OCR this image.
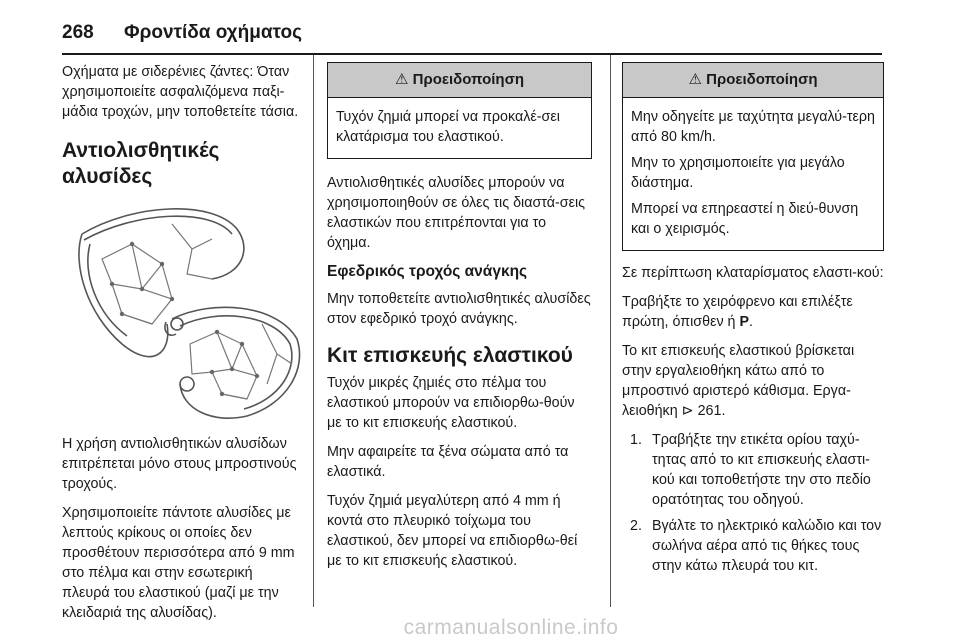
268 Φροντίδα οχήματος

Οχήματα με σιδερένιες ζάντες: Όταν χρησιμοποιείτε ασφαλιζόμενα παξι-μάδια τροχών, μην τοποθετείτε τάσια.

Αντιολισθητικές αλυσίδες

Η χρήση αντιολισθητικών αλυσίδων επιτρέπεται μόνο στους μπροστινούς τροχούς.

Χρησιμοποιείτε πάντοτε αλυσίδες με λεπτούς κρίκους οι οποίες δεν προσθέτουν περισσότερα από 9 mm στο πέλμα και στην εσωτερική πλευρά του ελαστικού (μαζί με την κλειδαριά της αλυσίδας).

⚠ Προειδοποίηση

Τυχόν ζημιά μπορεί να προκαλέ-σει κλατάρισμα του ελαστικού.

Αντιολισθητικές αλυσίδες μπορούν να χρησιμοποιηθούν σε όλες τις διαστά-σεις ελαστικών που επιτρέπονται για το όχημα.

Εφεδρικός τροχός ανάγκης

Μην τοποθετείτε αντιολισθητικές αλυσίδες στον εφεδρικό τροχό ανάγκης.

Κιτ επισκευής ελαστικού

Τυχόν μικρές ζημιές στο πέλμα του ελαστικού μπορούν να επιδιορθω-θούν με το κιτ επισκευής ελαστικού.

Μην αφαιρείτε τα ξένα σώματα από τα ελαστικά.

Τυχόν ζημιά μεγαλύτερη από 4 mm ή κοντά στο πλευρικό τοίχωμα του ελαστικού, δεν μπορεί να επιδιορθω-θεί με το κιτ επισκευής ελαστικού.

⚠ Προειδοποίηση

Μην οδηγείτε με ταχύτητα μεγαλύ-τερη από 80 km/h.

Μην το χρησιμοποιείτε για μεγάλο διάστημα.

Μπορεί να επηρεαστεί η διεύ-θυνση και ο χειρισμός.

Σε περίπτωση κλαταρίσματος ελαστι-κού:

Τραβήξτε το χειρόφρενο και επιλέξτε πρώτη, όπισθεν ή P.

Το κιτ επισκευής ελαστικού βρίσκεται στην εργαλειοθήκη κάτω από το μπροστινό αριστερό κάθισμα. Εργα-λειοθήκη ⊳ 261.

1. Τραβήξτε την ετικέτα ορίου ταχύ-τητας από το κιτ επισκευής ελαστι-κού και τοποθετήστε την στο πεδίο ορατότητας του οδηγού.
2. Βγάλτε το ηλεκτρικό καλώδιο και τον σωλήνα αέρα από τις θήκες τους στην κάτω πλευρά του κιτ.
carmanualsonline.info
